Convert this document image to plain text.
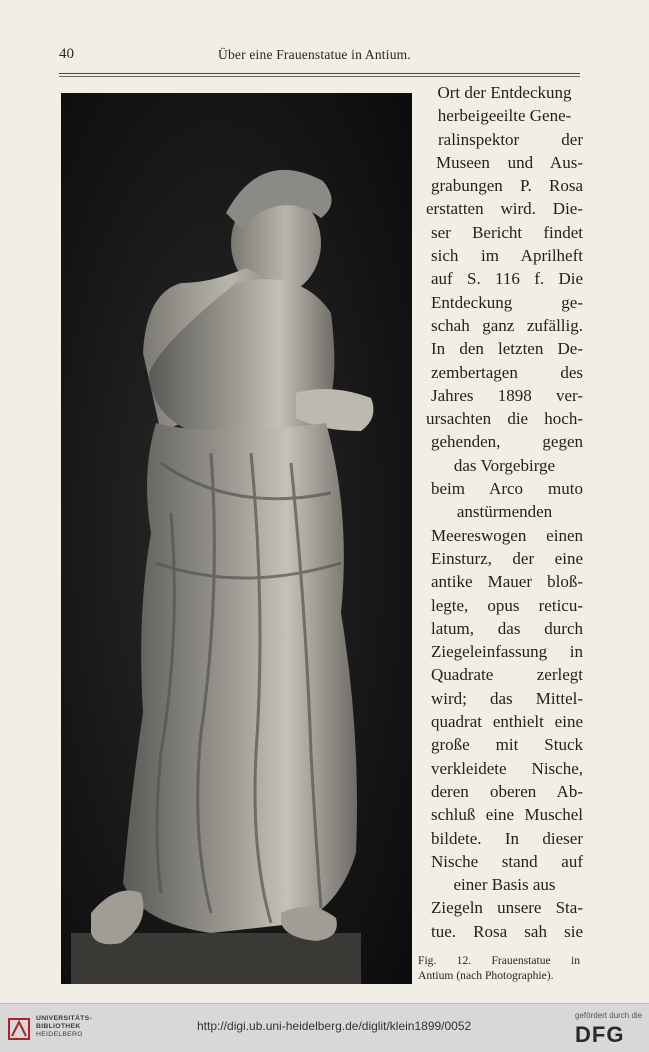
40	Über eine Frauenstatue in Antium.
Ort der Entdeckung
herbeigeeilte Gene-
ralinspektor der
Museen und Aus-
grabungen P. Rosa
erstatten wird. Die-
ser Bericht findet
sich im Aprilheft
auf S. 116 f. Die
Entdeckung ge-
schah ganz zufällig.
In den letzten De-
zembertagen des
Jahres 1898 ver-
ursachten die hoch-
gehenden, gegen
das Vorgebirge
beim Arco muto
anstürmenden
Meereswogen einen
Einsturz, der eine
antike Mauer bloß-
legte, opus reticu-
latum, das durch
Ziegeleinfassung in
Quadrate zerlegt
wird; das Mittel-
quadrat enthielt eine
große mit Stuck
verkleidete Nische,
deren oberen Ab-
schluß eine Muschel
bildete. In dieser
Nische stand auf
einer Basis aus
Ziegeln unsere Sta-
tue. Rosa sah sie
Fig. 12. Frauenstatue in
Antium (nach Photographie).
UNIVERSITÄTS-
BIBLIOTHEK
HEIDELBERG
http://digi.ub.uni-heidelberg.de/diglit/klein1899/0052
gefördert durch die
DFG
